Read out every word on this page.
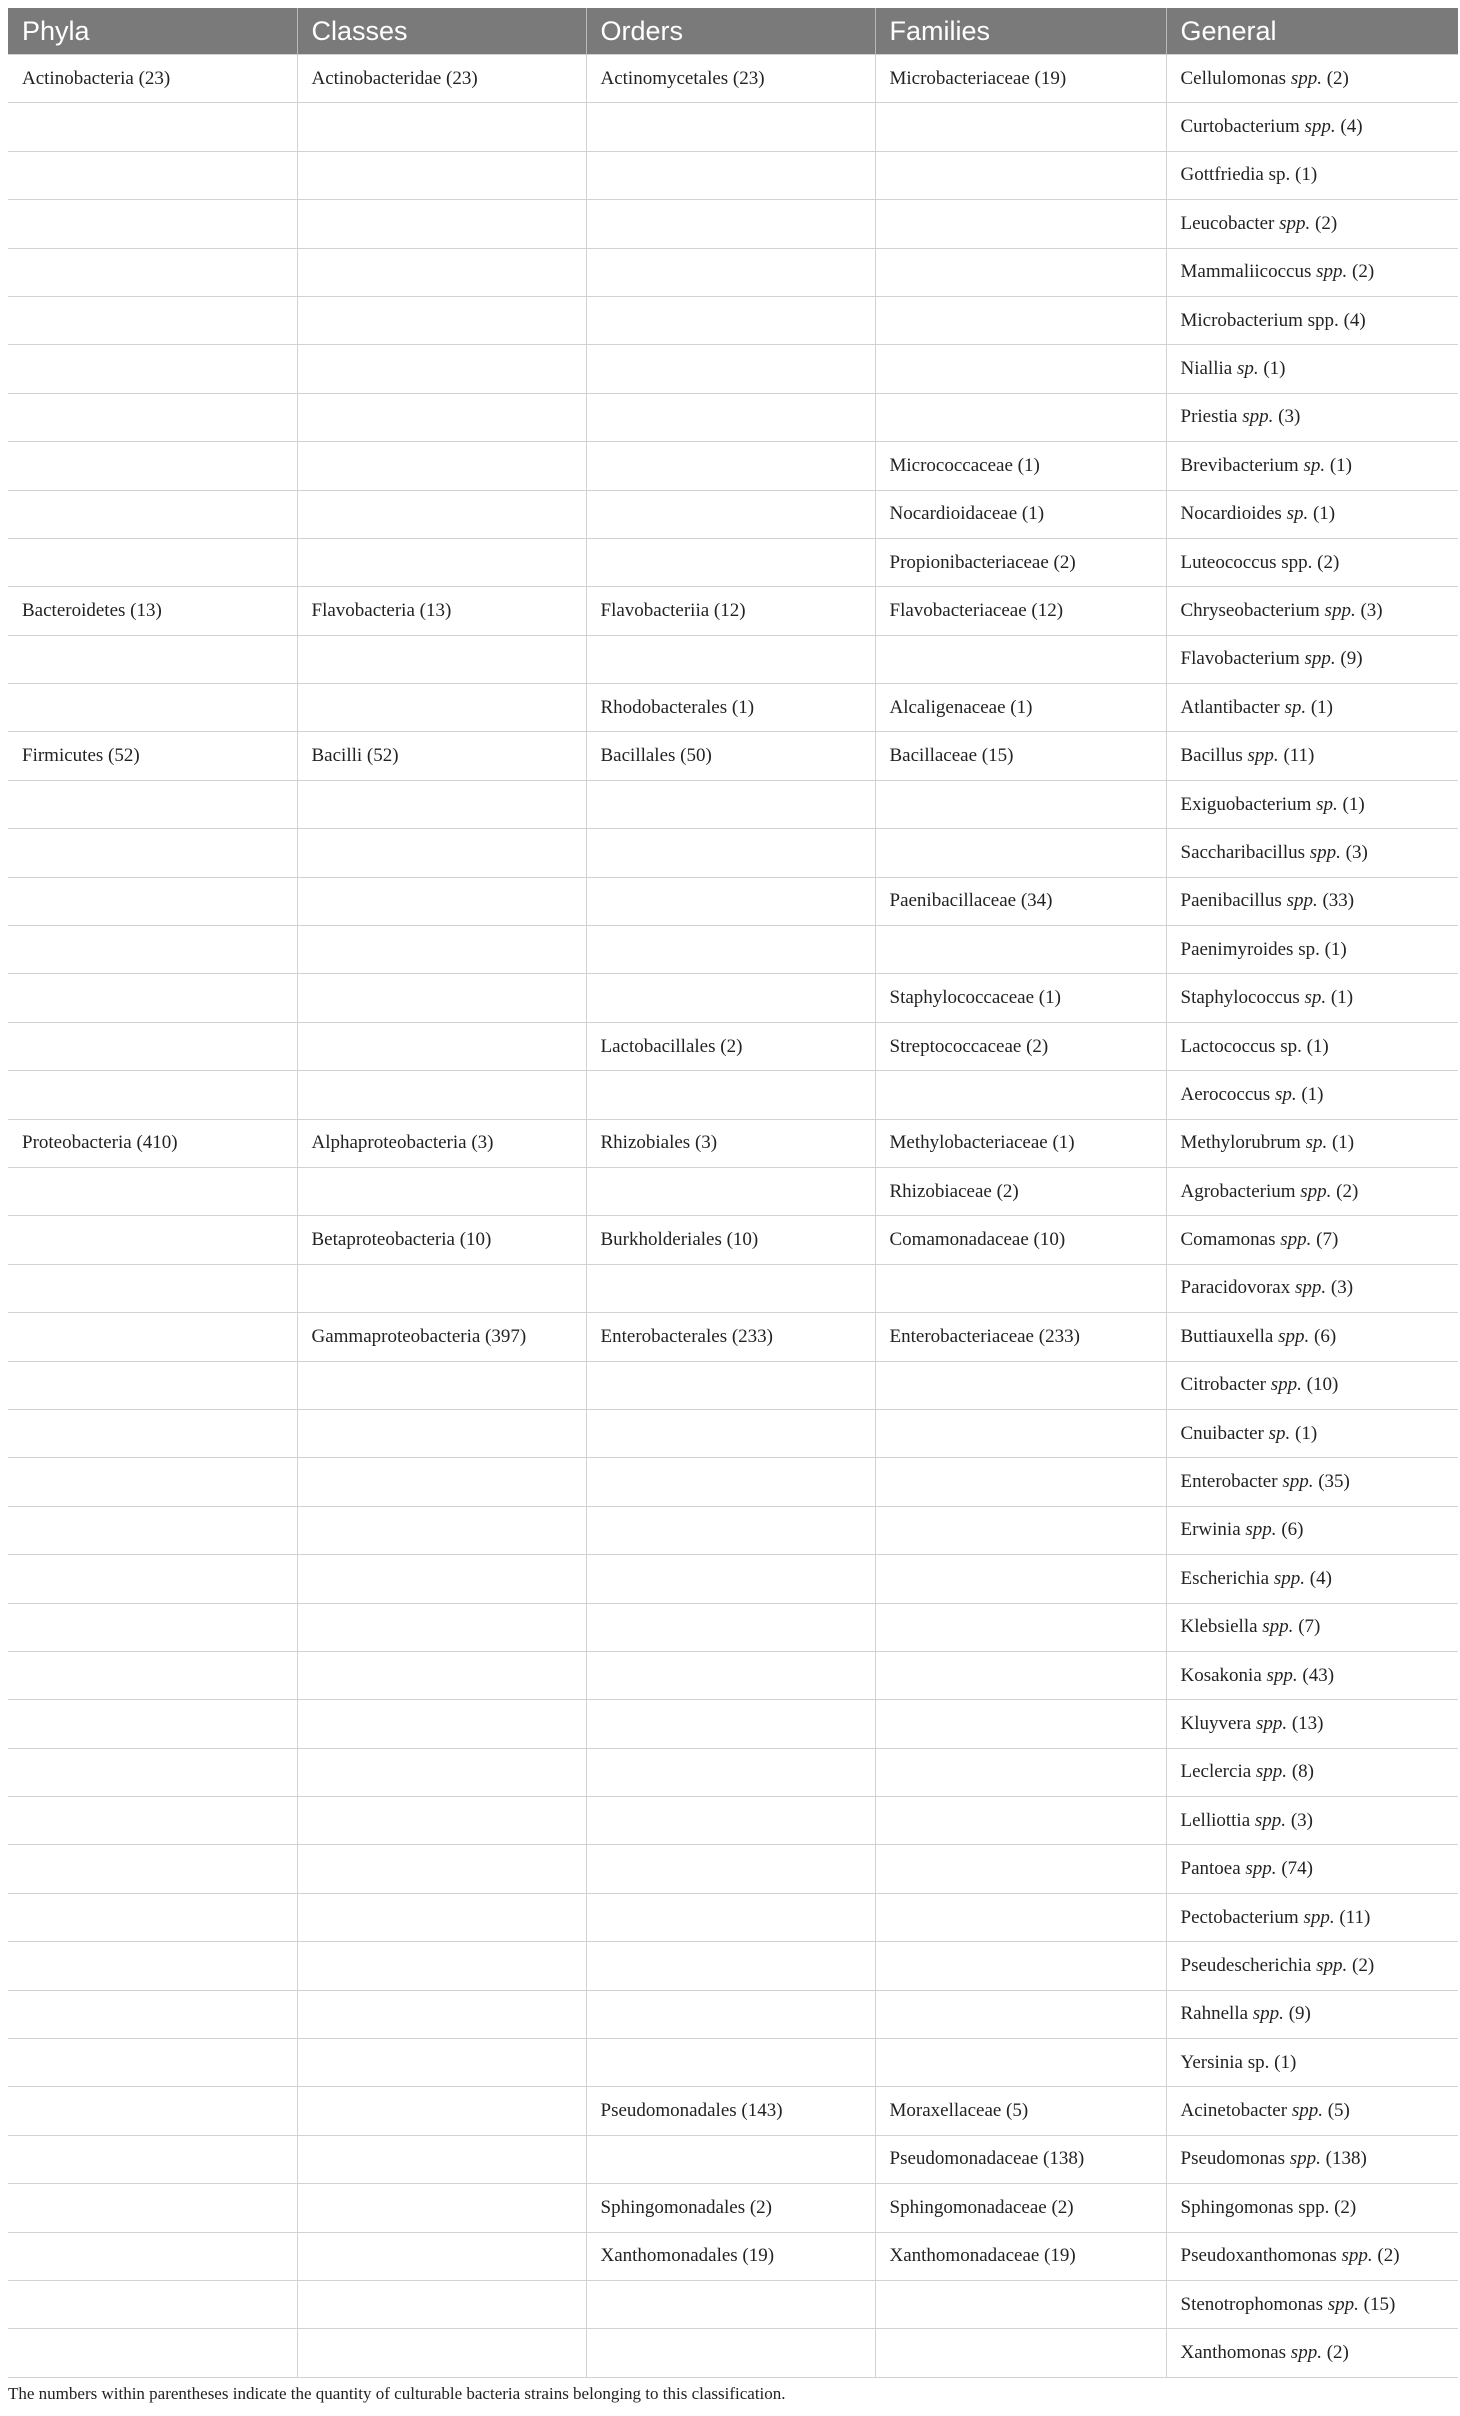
Phyla	Classes	Orders	Families	General
Actinobacteria (23)	Actinobacteridae (23)	Actinomycetales (23)	Microbacteriaceae (19)	Cellulomonas spp. (2)
				Curtobacterium spp. (4)
				Gottfriedia sp. (1)
				Leucobacter spp. (2)
				Mammaliicoccus spp. (2)
				Microbacterium spp. (4)
				Niallia sp. (1)
				Priestia spp. (3)
			Micrococcaceae (1)	Brevibacterium sp. (1)
			Nocardioidaceae (1)	Nocardioides sp. (1)
			Propionibacteriaceae (2)	Luteococcus spp. (2)
Bacteroidetes (13)	Flavobacteria (13)	Flavobacteriia (12)	Flavobacteriaceae (12)	Chryseobacterium spp. (3)
				Flavobacterium spp. (9)
		Rhodobacterales (1)	Alcaligenaceae (1)	Atlantibacter sp. (1)
Firmicutes (52)	Bacilli (52)	Bacillales (50)	Bacillaceae (15)	Bacillus spp. (11)
				Exiguobacterium sp. (1)
				Saccharibacillus spp. (3)
			Paenibacillaceae (34)	Paenibacillus spp. (33)
				Paenimyroides sp. (1)
			Staphylococcaceae (1)	Staphylococcus sp. (1)
		Lactobacillales (2)	Streptococcaceae (2)	Lactococcus sp. (1)
				Aerococcus sp. (1)
Proteobacteria (410)	Alphaproteobacteria (3)	Rhizobiales (3)	Methylobacteriaceae (1)	Methylorubrum sp. (1)
			Rhizobiaceae (2)	Agrobacterium spp. (2)
	Betaproteobacteria (10)	Burkholderiales (10)	Comamonadaceae (10)	Comamonas spp. (7)
				Paracidovorax spp. (3)
	Gammaproteobacteria (397)	Enterobacterales (233)	Enterobacteriaceae (233)	Buttiauxella spp. (6)
				Citrobacter spp. (10)
				Cnuibacter sp. (1)
				Enterobacter spp. (35)
				Erwinia spp. (6)
				Escherichia spp. (4)
				Klebsiella spp. (7)
				Kosakonia spp. (43)
				Kluyvera spp. (13)
				Leclercia spp. (8)
				Lelliottia spp. (3)
				Pantoea spp. (74)
				Pectobacterium spp. (11)
				Pseudescherichia spp. (2)
				Rahnella spp. (9)
				Yersinia sp. (1)
		Pseudomonadales (143)	Moraxellaceae (5)	Acinetobacter spp. (5)
			Pseudomonadaceae (138)	Pseudomonas spp. (138)
		Sphingomonadales (2)	Sphingomonadaceae (2)	Sphingomonas spp. (2)
		Xanthomonadales (19)	Xanthomonadaceae (19)	Pseudoxanthomonas spp. (2)
				Stenotrophomonas spp. (15)
				Xanthomonas spp. (2)
The numbers within parentheses indicate the quantity of culturable bacteria strains belonging to this classification.
